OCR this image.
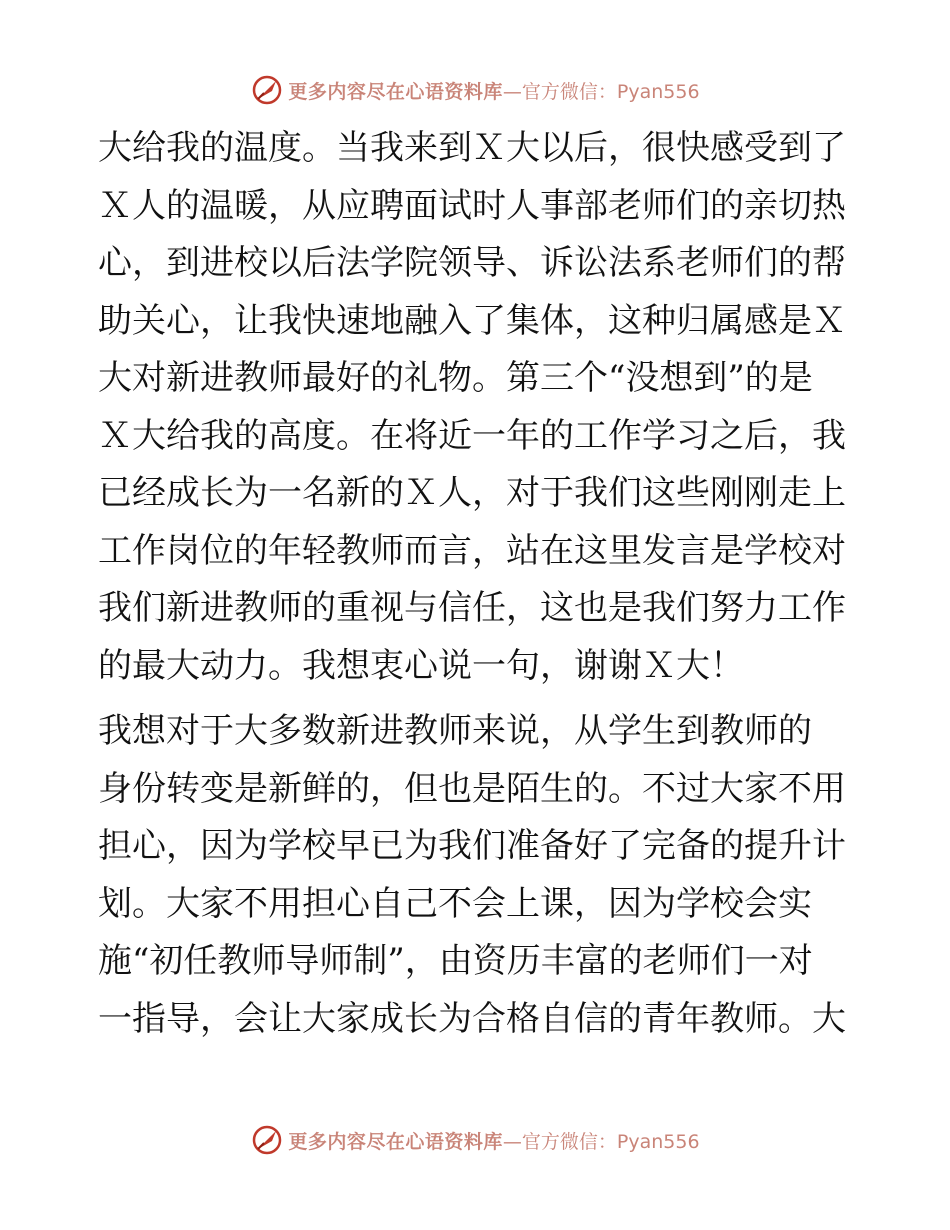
更多内容尽在心语资料库 —官方微信：Pyan556
大给我的温度。当我来到Ｘ大以后，很快感受到了
Ｘ人的温暖，从应聘面试时人事部老师们的亲切热
心，到进校以后法学院领导、诉讼法系老师们的帮
助关心，让我快速地融入了集体，这种归属感是Ｘ
大对新进教师最好的礼物。第三个“没想到”的是
Ｘ大给我的高度。在将近一年的工作学习之后，我
已经成长为一名新的Ｘ人，对于我们这些刚刚走上
工作岗位的年轻教师而言，站在这里发言是学校对
我们新进教师的重视与信任，这也是我们努力工作
的最大动力。我想衷心说一句，谢谢Ｘ大！
我想对于大多数新进教师来说，从学生到教师的
身份转变是新鲜的，但也是陌生的。不过大家不用
担心，因为学校早已为我们准备好了完备的提升计
划。大家不用担心自己不会上课，因为学校会实
施“初任教师导师制”，由资历丰富的老师们一对
一指导，会让大家成长为合格自信的青年教师。大
更多内容尽在心语资料库 —官方微信：Pyan556
